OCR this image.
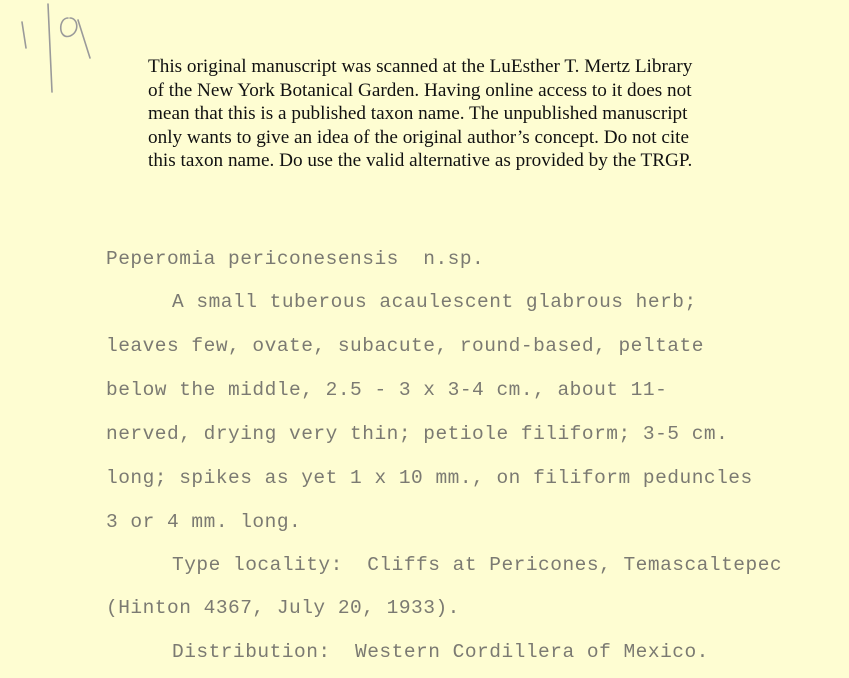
This original manuscript was scanned at the LuEsther T. Mertz Library
of the New York Botanical Garden. Having online access to it does not
mean that this is a published taxon name. The unpublished manuscript
only wants to give an idea of the original author’s concept. Do not cite
this taxon name. Do use the valid alternative as provided by the TRGP.
Peperomia periconesensis  n.sp.
A small tuberous acaulescent glabrous herb;
leaves few, ovate, subacute, round-based, peltate
below the middle, 2.5 - 3 x 3-4 cm., about 11-
nerved, drying very thin; petiole filiform; 3-5 cm.
long; spikes as yet 1 x 10 mm., on filiform peduncles
3 or 4 mm. long.
Type locality:  Cliffs at Pericones, Temascaltepec
(Hinton 4367, July 20, 1933).
Distribution:  Western Cordillera of Mexico.
